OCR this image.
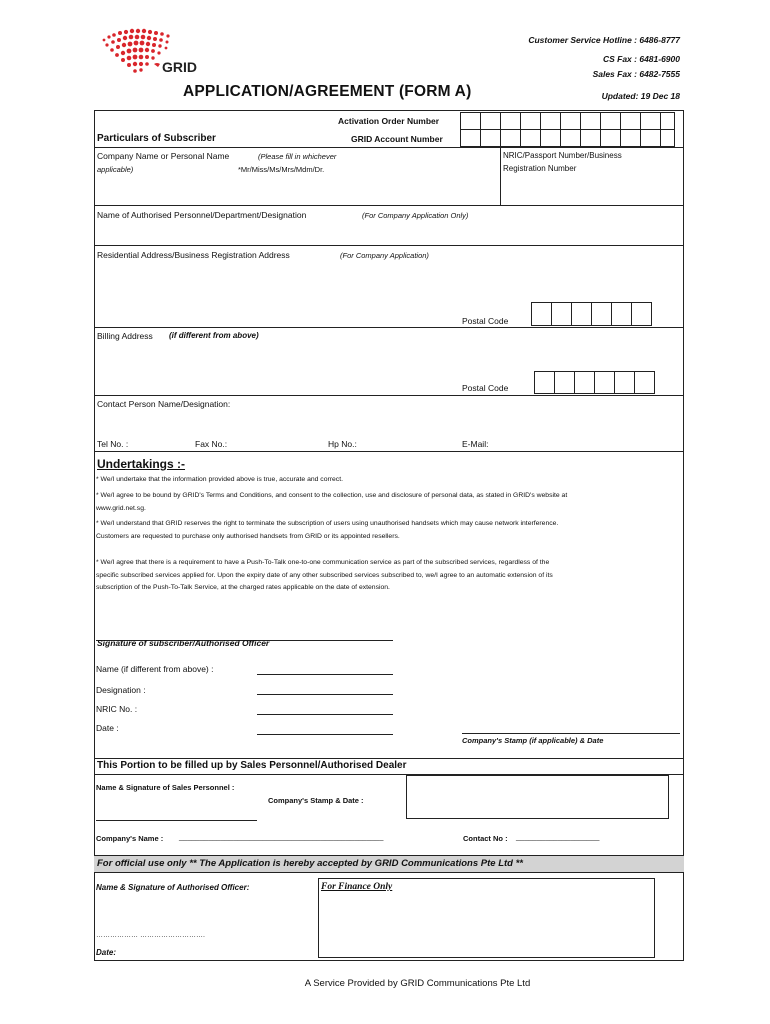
GRID
Customer Service Hotline : 6486-8777
CS Fax : 6481-6900
Sales Fax : 6482-7555
APPLICATION/AGREEMENT (FORM A)	Updated: 19 Dec 18
Activation Order Number
GRID Account Number
Particulars of Subscriber
Company Name or Personal Name	(Please fill in whichever
applicable)	*Mr/Miss/Ms/Mrs/Mdm/Dr.
NRIC/Passport Number/Business
Registration Number
Name of Authorised Personnel/Department/Designation	(For Company Application Only)
Residential Address/Business Registration Address	(For Company Application)
Postal Code
Billing Address (if different from above)
Postal Code
Contact Person Name/Designation:
Tel No. :	Fax No.:	Hp No.:	E-Mail:
Undertakings :-
* We/I undertake that the information provided above is true, accurate and correct.
* We/I agree to be bound by GRID's Terms and Conditions, and consent to the collection, use and disclosure of personal data, as stated in GRID's website at
www.grid.net.sg.
* We/I understand that GRID reserves the right to terminate the subscription of users using unauthorised handsets which may cause network interference.
Customers are requested to purchase only authorised handsets from GRID or its appointed resellers.
* We/I agree that there is a requirement to have a Push-To-Talk one-to-one communication service as part of the subscribed services, regardless of the
specific subscribed services applied for. Upon the expiry date of any other subscribed services subscribed to, we/I agree to an automatic extension of its
subscription of the Push-To-Talk Service, at the charged rates applicable on the date of extension.
Signature of subscriber/Authorised Officer
Name (if different from above) :
Designation :
NRIC No. :
Date :
Company's Stamp (if applicable) & Date
This Portion to be filled up by Sales Personnel/Authorised Dealer
Name & Signature of Sales Personnel :
Company's Stamp & Date :
Company's Name : _________________________________________________	Contact No : ____________________
For official use only ** The Application is hereby accepted by GRID Communications Pte Ltd **
Name & Signature of Authorised Officer:	For Finance Only
……………… ……………………….
Date:
A Service Provided by GRID Communications Pte Ltd
